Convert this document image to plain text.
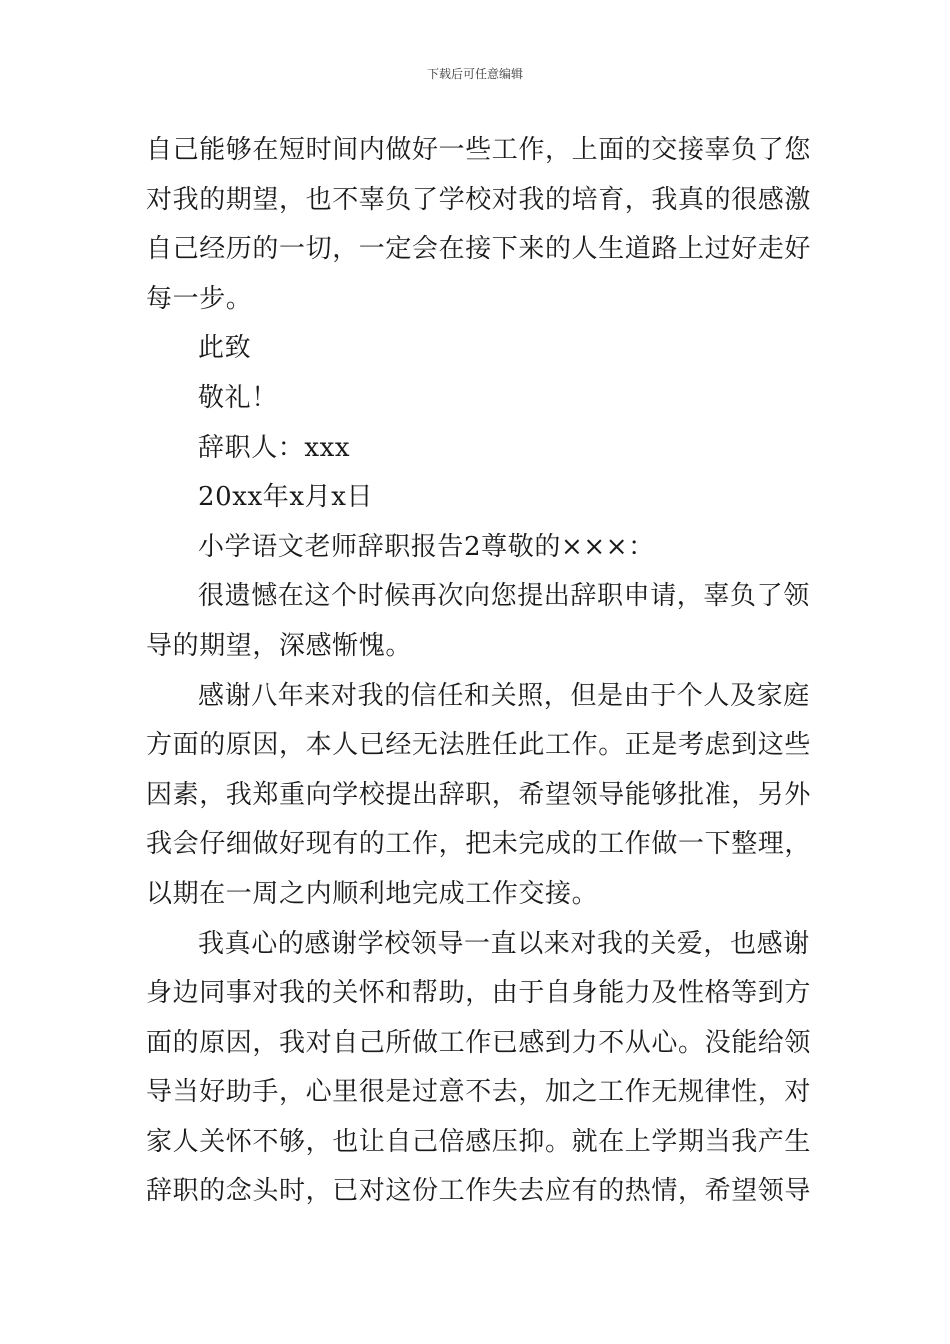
下载后可任意编辑
自己能够在短时间内做好一些工作，上面的交接辜负了您
对我的期望，也不辜负了学校对我的培育，我真的很感激
自己经历的一切，一定会在接下来的人生道路上过好走好
每一步。
此致
敬礼！
辞职人：xxx
20xx年x月x日
小学语文老师辞职报告2尊敬的×××：
很遗憾在这个时候再次向您提出辞职申请，辜负了领
导的期望，深感惭愧。
感谢八年来对我的信任和关照，但是由于个人及家庭
方面的原因，本人已经无法胜任此工作。正是考虑到这些
因素，我郑重向学校提出辞职，希望领导能够批准，另外
我会仔细做好现有的工作，把未完成的工作做一下整理，
以期在一周之内顺利地完成工作交接。
我真心的感谢学校领导一直以来对我的关爱，也感谢
身边同事对我的关怀和帮助，由于自身能力及性格等到方
面的原因，我对自己所做工作已感到力不从心。没能给领
导当好助手，心里很是过意不去，加之工作无规律性，对
家人关怀不够，也让自己倍感压抑。就在上学期当我产生
辞职的念头时，已对这份工作失去应有的热情，希望领导
